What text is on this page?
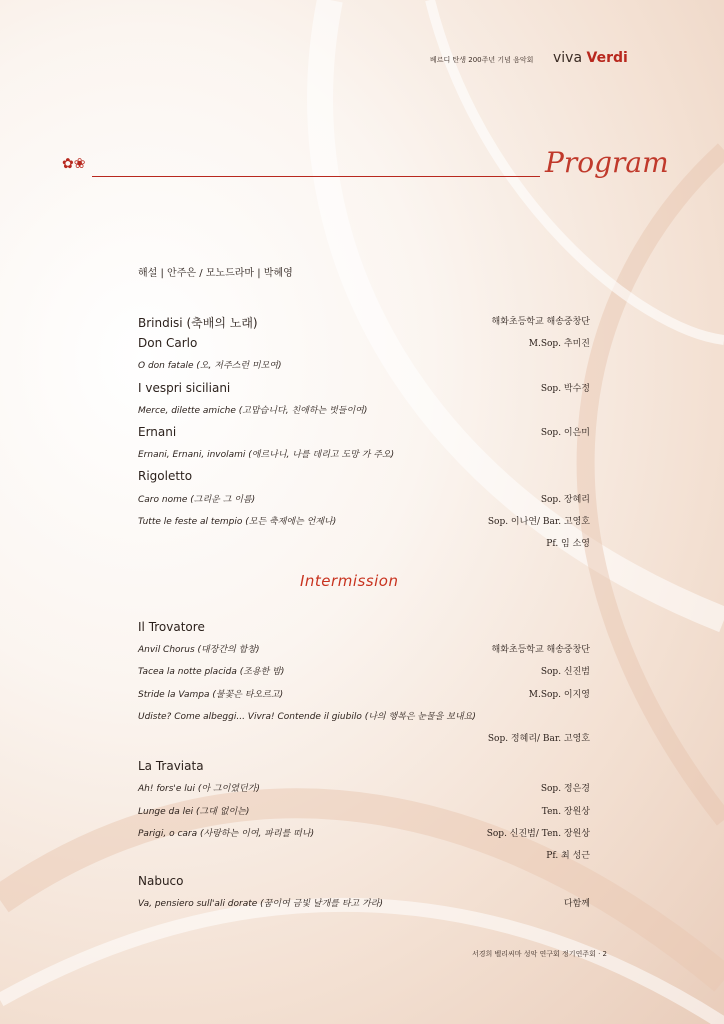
베르디 탄생 200주년 기념 음악회 viva Verdi
✿❀	Program
해설 | 안주은 / 모노드라마 | 박혜영
Brindisi (축배의 노래)	해화초등학교 해송중창단
Don Carlo	M.Sop. 추미진
O don fatale (오, 저주스런 미모여)
I vespri siciliani	Sop. 박수정
Merce, dilette amiche (고맙습니다, 친애하는 벗들이여)
Ernani	Sop. 이은미
Ernani, Ernani, involami (에르나니, 나를 데리고 도망 가 주오)
Rigoletto
Caro nome (그리운 그 이름)	Sop. 장혜리
Tutte le feste al tempio (모든 축제에는 언제나)	Sop. 이나연/ Bar. 고영호
Pf. 임 소영
Intermission
Il Trovatore
Anvil Chorus (대장간의 합창)	해화초등학교 해송중창단
Tacea la notte placida (조용한 밤)	Sop. 신진범
Stride la Vampa (불꽃은 타오르고)	M.Sop. 이지영
Udiste? Come albeggi... Vivra! Contende il giubilo (나의 행복은 눈물을 보내요)
Sop. 정혜리/ Bar. 고영호
La Traviata
Ah! fors'e lui (아 그이였던가)	Sop. 정은경
Lunge da lei (그대 없이는)	Ten. 장원상
Parigi, o cara (사랑하는 이여, 파리를 떠나)	Sop. 신진범/ Ten. 장원상
Pf. 최 성근
Nabuco
Va, pensiero sull'ali dorate (꿈이여 금빛 날개를 타고 가라)	다함께
서경희 벨리씨마 성악 연구회 정기연주회 · 2
